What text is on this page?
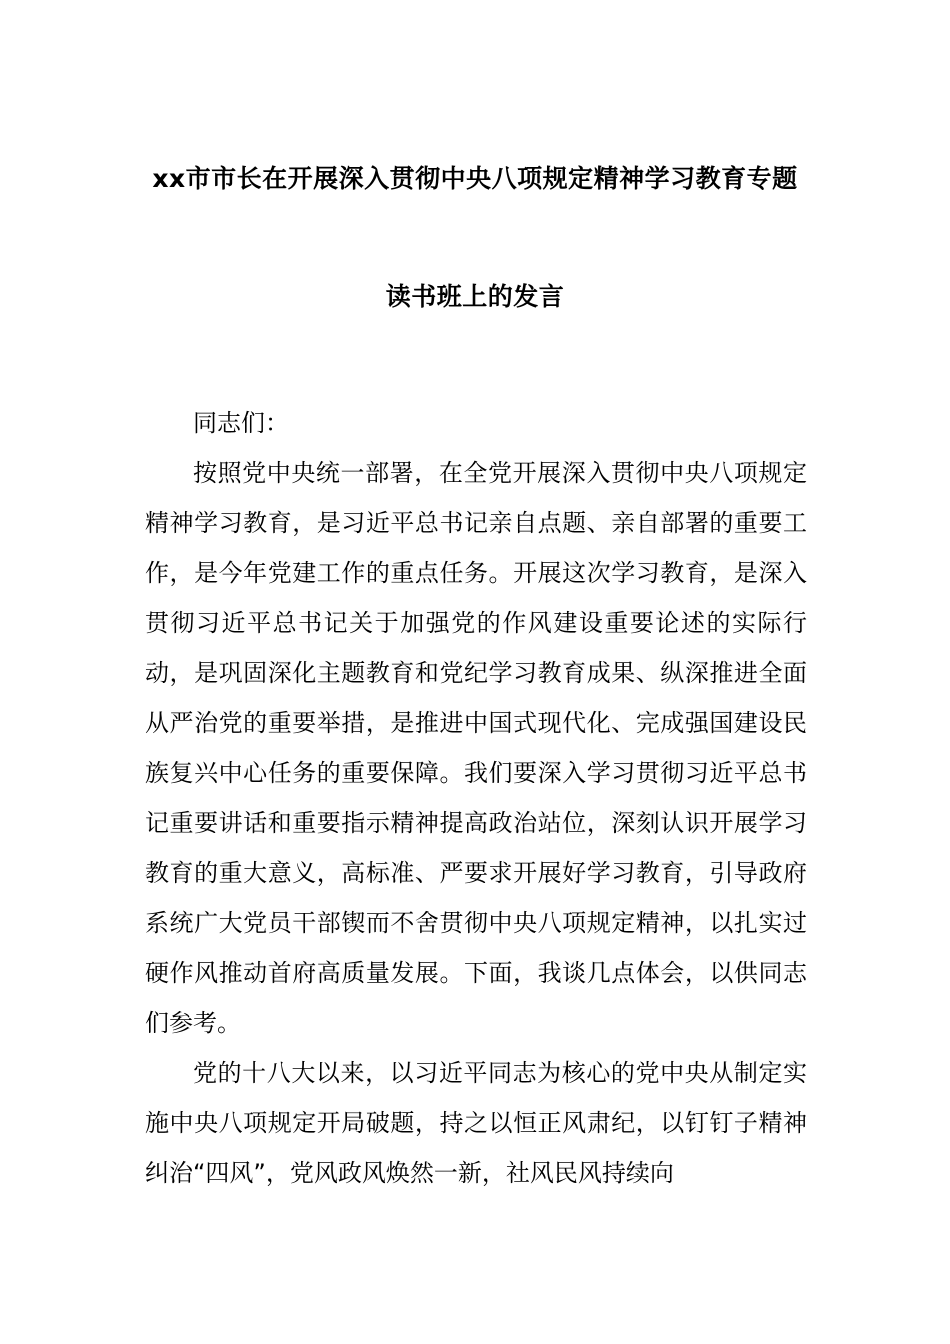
xx市市长在开展深入贯彻中央八项规定精神学习教育专题
读书班上的发言

同志们：

按照党中央统一部署，在全党开展深入贯彻中央八项规定精神学习教育，是习近平总书记亲自点题、亲自部署的重要工作，是今年党建工作的重点任务。开展这次学习教育，是深入贯彻习近平总书记关于加强党的作风建设重要论述的实际行动，是巩固深化主题教育和党纪学习教育成果、纵深推进全面从严治党的重要举措，是推进中国式现代化、完成强国建设民族复兴中心任务的重要保障。我们要深入学习贯彻习近平总书记重要讲话和重要指示精神提高政治站位，深刻认识开展学习教育的重大意义，高标准、严要求开展好学习教育，引导政府系统广大党员干部锲而不舍贯彻中央八项规定精神，以扎实过硬作风推动首府高质量发展。下面，我谈几点体会，以供同志们参考。

党的十八大以来，以习近平同志为核心的党中央从制定实施中央八项规定开局破题，持之以恒正风肃纪，以钉钉子精神纠治“四风”，党风政风焕然一新，社风民风持续向
